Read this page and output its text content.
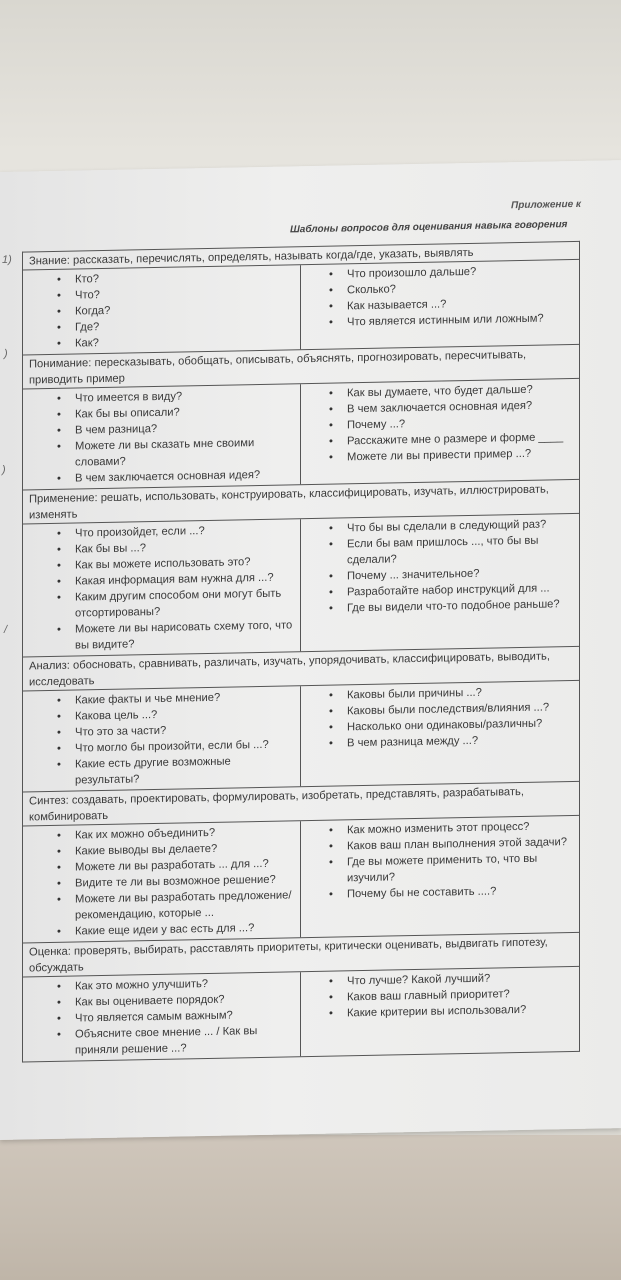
Приложение к
Шаблоны вопросов для оценивания навыка говорения
1)
)
)
/
Знание: рассказать, перечислять, определять, называть когда/где, указать, выявлять
• Кто?
• Что?
• Когда?
• Где?
• Как?
• Что произошло дальше?
• Сколько?
• Как называется ...?
• Что является истинным или ложным?
Понимание: пересказывать, обобщать, описывать, объяснять, прогнозировать, пересчитывать, приводить пример
• Что имеется в виду?
• Как бы вы описали?
• В чем разница?
• Можете ли вы сказать мне своими словами?
• В чем заключается основная идея?
• Как вы думаете, что будет дальше?
• В чем заключается основная идея?
• Почему ...?
• Расскажите мне о размере и форме ____
• Можете ли вы привести пример ...?
Применение: решать, использовать, конструировать, классифицировать, изучать, иллюстрировать, изменять
• Что произойдет, если ...?
• Как бы вы ...?
• Как вы можете использовать это?
• Какая информация вам нужна для ...?
• Каким другим способом они могут быть отсортированы?
• Можете ли вы нарисовать схему того, что вы видите?
• Что бы вы сделали в следующий раз?
• Если бы вам пришлось ..., что бы вы сделали?
• Почему ... значительное?
• Разработайте набор инструкций для ...
• Где вы видели что-то подобное раньше?
Анализ: обосновать, сравнивать, различать, изучать, упорядочивать, классифицировать, выводить, исследовать
• Какие факты и чье мнение?
• Какова цель ...?
• Что это за части?
• Что могло бы произойти, если бы ...?
• Какие есть другие возможные результаты?
• Каковы были причины ...?
• Каковы были последствия/влияния ...?
• Насколько они одинаковы/различны?
• В чем разница между ...?
Синтез: создавать, проектировать, формулировать, изобретать, представлять, разрабатывать, комбинировать
• Как их можно объединить?
• Какие выводы вы делаете?
• Можете ли вы разработать ... для ...?
• Видите те ли вы возможное решение?
• Можете ли вы разработать предложение/рекомендацию, которые ...
• Какие еще идеи у вас есть для ...?
• Как можно изменить этот процесс?
• Каков ваш план выполнения этой задачи?
• Где вы можете применить то, что вы изучили?
• Почему бы не составить ....?
Оценка: проверять, выбирать, расставлять приоритеты, критически оценивать, выдвигать гипотезу, обсуждать
• Как это можно улучшить?
• Как вы оцениваете порядок?
• Что является самым важным?
• Объясните свое мнение ... / Как вы приняли решение ...?
• Что лучше? Какой лучший?
• Каков ваш главный приоритет?
• Какие критерии вы использовали?
